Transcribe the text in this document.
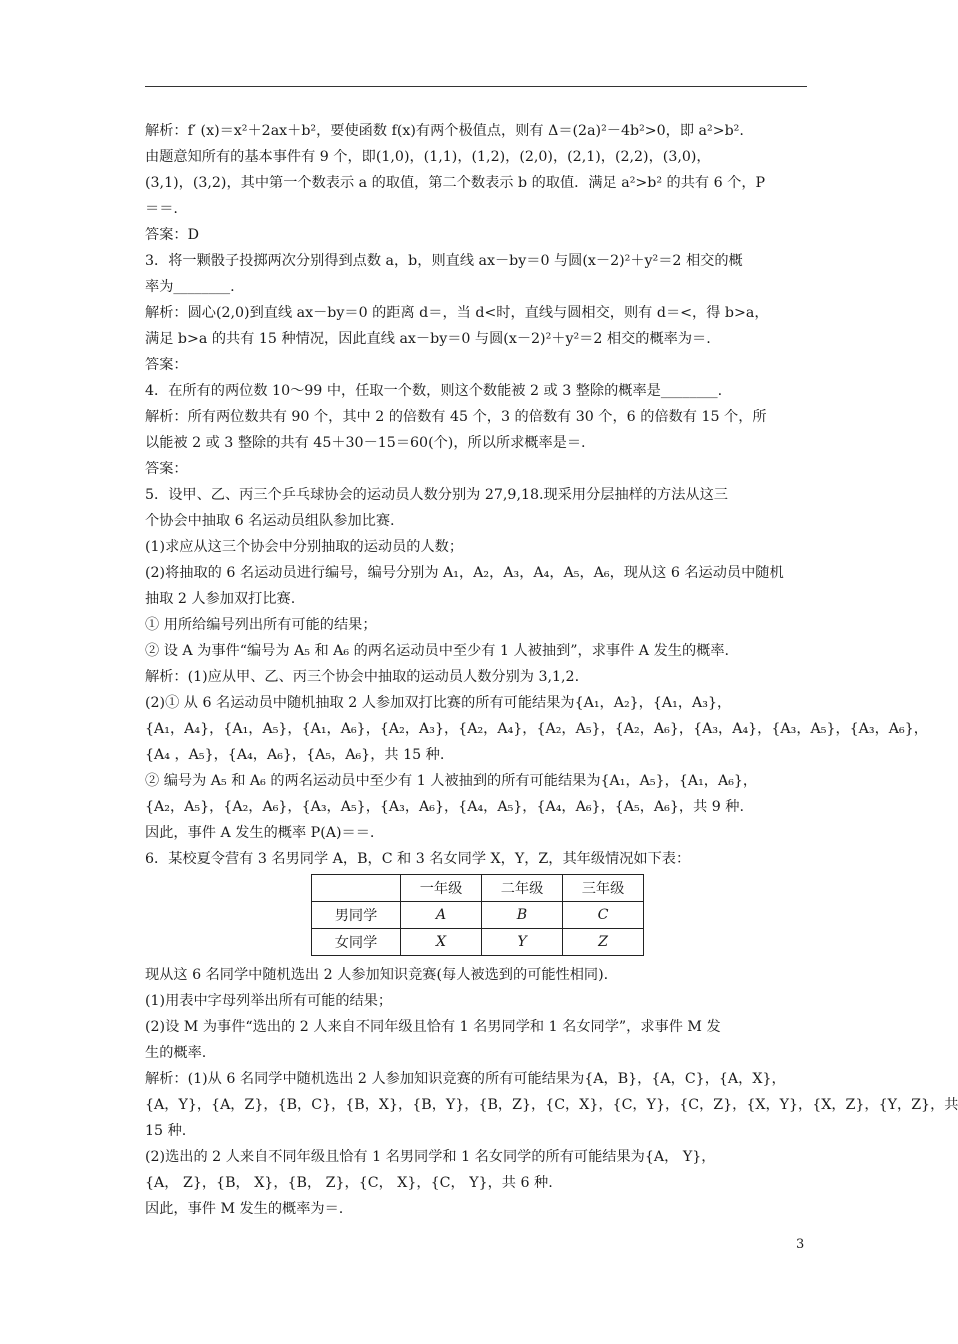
解析：f′ (x)＝x²＋2ax＋b²，要使函数 f(x)有两个极值点，则有 Δ＝(2a)²－4b²>0，即 a²>b².
由题意知所有的基本事件有 9 个，即(1,0)，(1,1)，(1,2)，(2,0)，(2,1)，(2,2)，(3,0)，
(3,1)，(3,2)，其中第一个数表示 a 的取值，第二个数表示 b 的取值．满足 a²>b² 的共有 6 个，P
＝＝.
答案：D
3．将一颗骰子投掷两次分别得到点数 a，b，则直线 ax－by＝0 与圆(x－2)²＋y²＝2 相交的概
率为________.
解析：圆心(2,0)到直线 ax－by＝0 的距离 d＝，当 d<时，直线与圆相交，则有 d＝<，得 b>a，
满足 b>a 的共有 15 种情况，因此直线 ax－by＝0 与圆(x－2)²＋y²＝2 相交的概率为＝.
答案：
4．在所有的两位数 10～99 中，任取一个数，则这个数能被 2 或 3 整除的概率是________.
解析：所有两位数共有 90 个，其中 2 的倍数有 45 个，3 的倍数有 30 个，6 的倍数有 15 个，所
以能被 2 或 3 整除的共有 45＋30－15＝60(个)，所以所求概率是＝.
答案：
5．设甲、乙、丙三个乒乓球协会的运动员人数分别为 27,9,18.现采用分层抽样的方法从这三
个协会中抽取 6 名运动员组队参加比赛.
(1)求应从这三个协会中分别抽取的运动员的人数；
(2)将抽取的 6 名运动员进行编号，编号分别为 A₁，A₂，A₃，A₄，A₅，A₆，现从这 6 名运动员中随机
抽取 2 人参加双打比赛.
① 用所给编号列出所有可能的结果；
② 设 A 为事件“编号为 A₅ 和 A₆ 的两名运动员中至少有 1 人被抽到”，求事件 A 发生的概率.
解析：(1)应从甲、乙、丙三个协会中抽取的运动员人数分别为 3,1,2.
(2)① 从 6 名运动员中随机抽取 2 人参加双打比赛的所有可能结果为{A₁，A₂}，{A₁，A₃}，
{A₁，A₄}，{A₁，A₅}，{A₁，A₆}，{A₂，A₃}，{A₂，A₄}，{A₂，A₅}，{A₂，A₆}，{A₃，A₄}，{A₃，A₅}，{A₃，A₆}，
{A₄ ，A₅}，{A₄，A₆}，{A₅，A₆}，共 15 种.
② 编号为 A₅ 和 A₆ 的两名运动员中至少有 1 人被抽到的所有可能结果为{A₁，A₅}，{A₁，A₆}，
{A₂，A₅}，{A₂，A₆}，{A₃，A₅}，{A₃，A₆}，{A₄，A₅}，{A₄，A₆}，{A₅，A₆}，共 9 种.
因此，事件 A 发生的概率 P(A)＝＝.
6．某校夏令营有 3 名男同学 A，B，C 和 3 名女同学 X，Y，Z，其年级情况如下表：
	一年级	二年级	三年级
男同学	A	B	C
女同学	X	Y	Z
现从这 6 名同学中随机选出 2 人参加知识竞赛(每人被选到的可能性相同).
(1)用表中字母列举出所有可能的结果；
(2)设 M 为事件“选出的 2 人来自不同年级且恰有 1 名男同学和 1 名女同学”，求事件 M 发
生的概率.
解析：(1)从 6 名同学中随机选出 2 人参加知识竞赛的所有可能结果为{A，B}，{A，C}，{A，X}，
{A，Y}，{A，Z}，{B，C}，{B，X}，{B，Y}，{B，Z}，{C，X}，{C，Y}，{C，Z}，{X，Y}，{X，Z}，{Y，Z}，共
15 种.
(2)选出的 2 人来自不同年级且恰有 1 名男同学和 1 名女同学的所有可能结果为{A， Y}，
{A， Z}，{B， X}，{B， Z}，{C， X}，{C， Y}，共 6 种.
因此，事件 M 发生的概率为＝.
3
